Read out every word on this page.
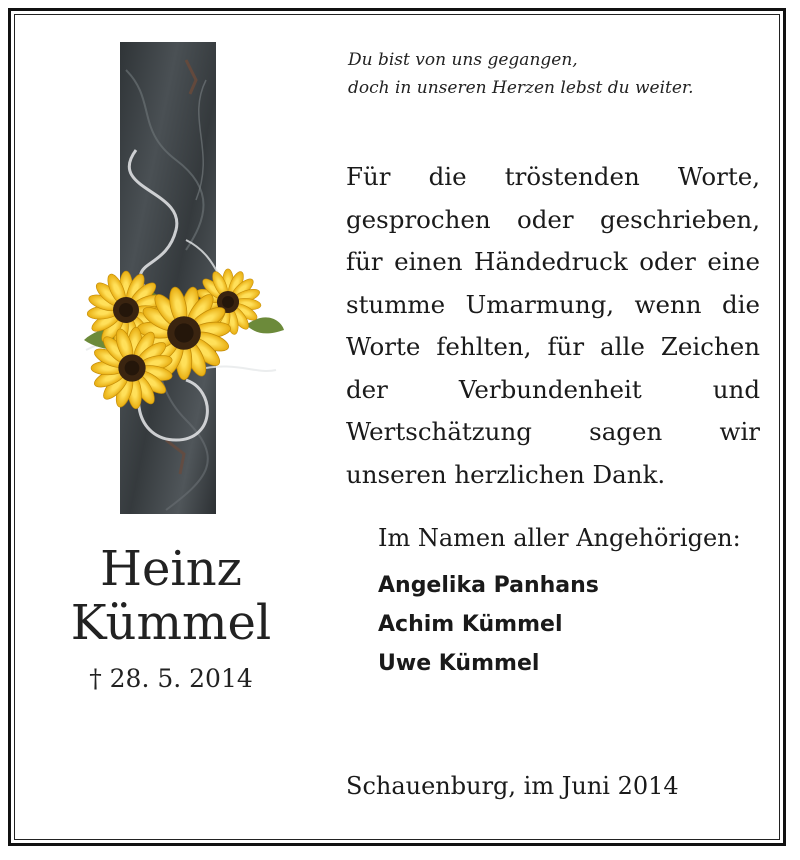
Du bist von uns gegangen,
doch in unseren Herzen lebst du weiter.
Für die tröstenden Worte, gesprochen oder geschrieben, für einen Händedruck oder eine stumme Umarmung, wenn die Worte fehlten, für alle Zeichen der Verbundenheit und Wertschätzung sagen wir unseren herzlichen Dank.
Heinz
Kümmel
† 28. 5. 2014
Im Namen aller Angehörigen:
Angelika Panhans
Achim Kümmel
Uwe Kümmel
Schauenburg, im Juni 2014
